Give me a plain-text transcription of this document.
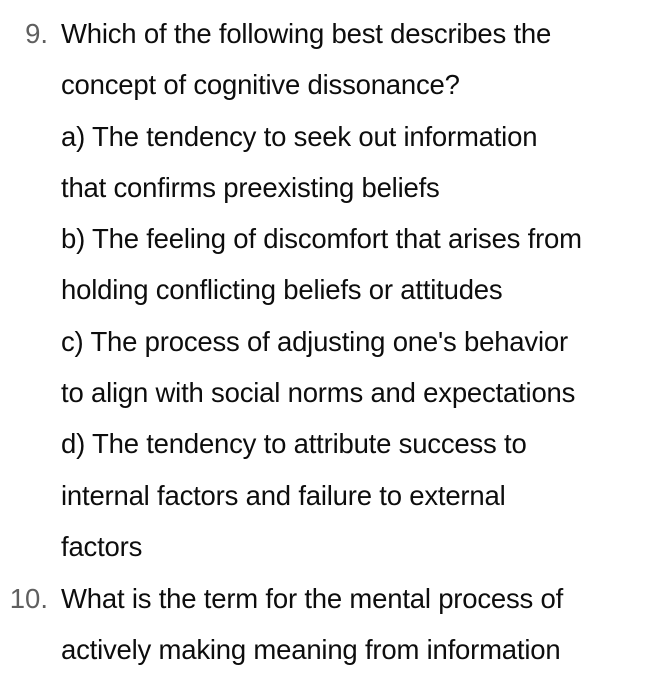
9. Which of the following best describes the
concept of cognitive dissonance?
a) The tendency to seek out information
that confirms preexisting beliefs
b) The feeling of discomfort that arises from
holding conflicting beliefs or attitudes
c) The process of adjusting one's behavior
to align with social norms and expectations
d) The tendency to attribute success to
internal factors and failure to external
factors
10. What is the term for the mental process of
actively making meaning from information
